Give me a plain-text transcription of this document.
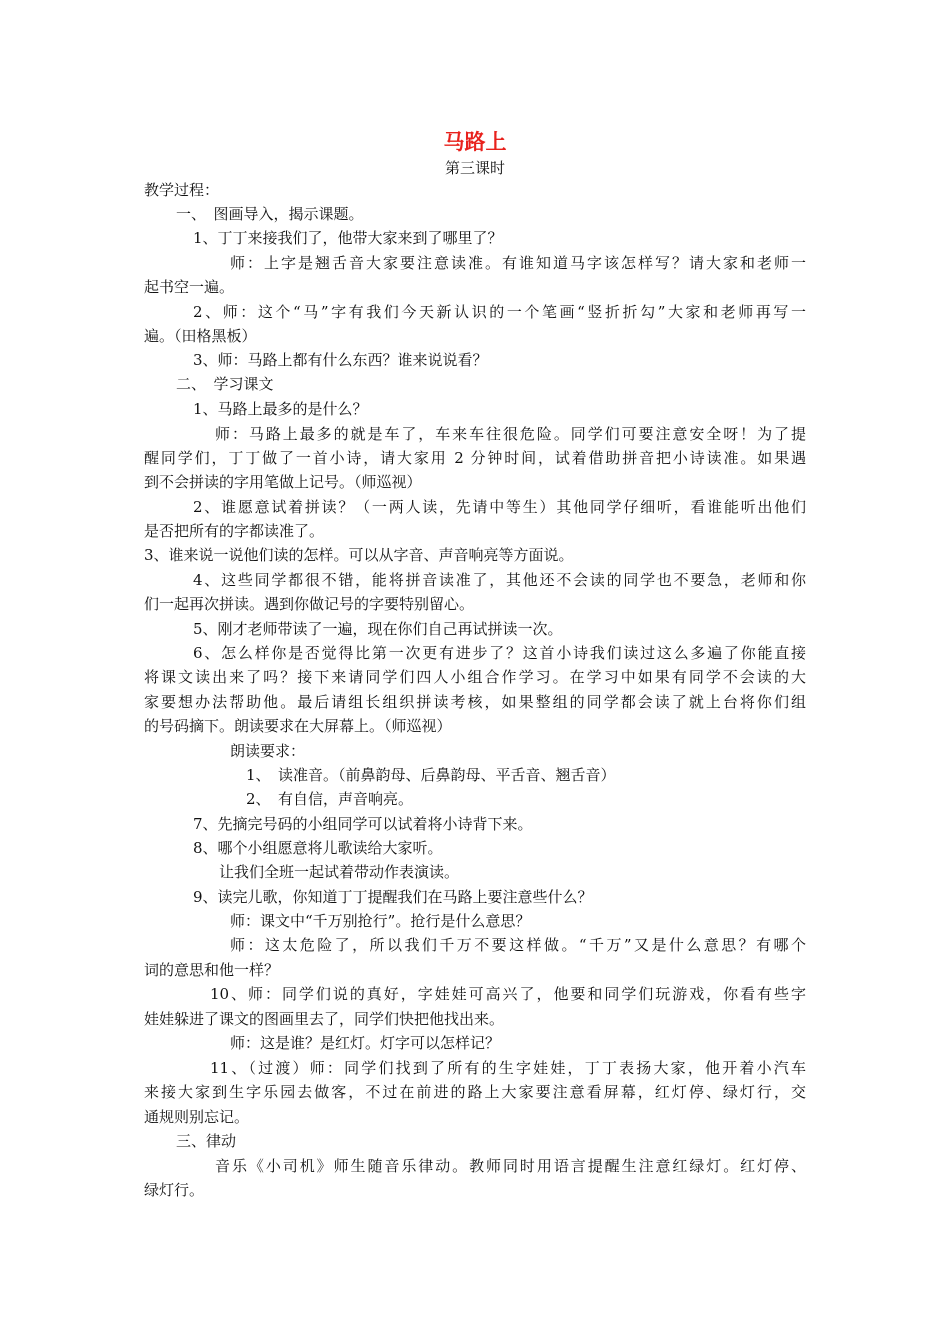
马路上
第三课时
教学过程：
一、　图画导入，揭示课题。
1、丁丁来接我们了，他带大家来到了哪里了？
师：上字是翘舌音大家要注意读准。有谁知道马字该怎样写？请大家和老师一
起书空一遍。
2、师：这个“马”字有我们今天新认识的一个笔画“竖折折勾”大家和老师再写一
遍。（田格黑板）
3、师：马路上都有什么东西？谁来说说看？
二、　学习课文
1、马路上最多的是什么？
师：马路上最多的就是车了，车来车往很危险。同学们可要注意安全呀！为了提
醒同学们，丁丁做了一首小诗，请大家用 2 分钟时间，试着借助拼音把小诗读准。如果遇
到不会拼读的字用笔做上记号。（师巡视）
2、谁愿意试着拼读？（一两人读，先请中等生）其他同学仔细听，看谁能听出他们
是否把所有的字都读准了。
3、谁来说一说他们读的怎样。可以从字音、声音响亮等方面说。
4、这些同学都很不错，能将拼音读准了，其他还不会读的同学也不要急，老师和你
们一起再次拼读。遇到你做记号的字要特别留心。
5、刚才老师带读了一遍，现在你们自己再试拼读一次。
6、怎么样你是否觉得比第一次更有进步了？这首小诗我们读过这么多遍了你能直接
将课文读出来了吗？接下来请同学们四人小组合作学习。在学习中如果有同学不会读的大
家要想办法帮助他。最后请组长组织拼读考核，如果整组的同学都会读了就上台将你们组
的号码摘下。朗读要求在大屏幕上。（师巡视）
朗读要求：
1、　读准音。（前鼻韵母、后鼻韵母、平舌音、翘舌音）
2、　有自信，声音响亮。
7、先摘完号码的小组同学可以试着将小诗背下来。
8、哪个小组愿意将儿歌读给大家听。
让我们全班一起试着带动作表演读。
9、读完儿歌，你知道丁丁提醒我们在马路上要注意些什么？
师：课文中“千万别抢行”。抢行是什么意思？
师：这太危险了，所以我们千万不要这样做。“千万”又是什么意思？有哪个
词的意思和他一样？
10、师：同学们说的真好，字娃娃可高兴了，他要和同学们玩游戏，你看有些字
娃娃躲进了课文的图画里去了，同学们快把他找出来。
师：这是谁？是红灯。灯字可以怎样记？
11、（过渡）师：同学们找到了所有的生字娃娃，丁丁表扬大家，他开着小汽车
来接大家到生字乐园去做客，不过在前进的路上大家要注意看屏幕，红灯停、绿灯行，交
通规则别忘记。
三、律动
音乐《小司机》师生随音乐律动。教师同时用语言提醒生注意红绿灯。红灯停、
绿灯行。
